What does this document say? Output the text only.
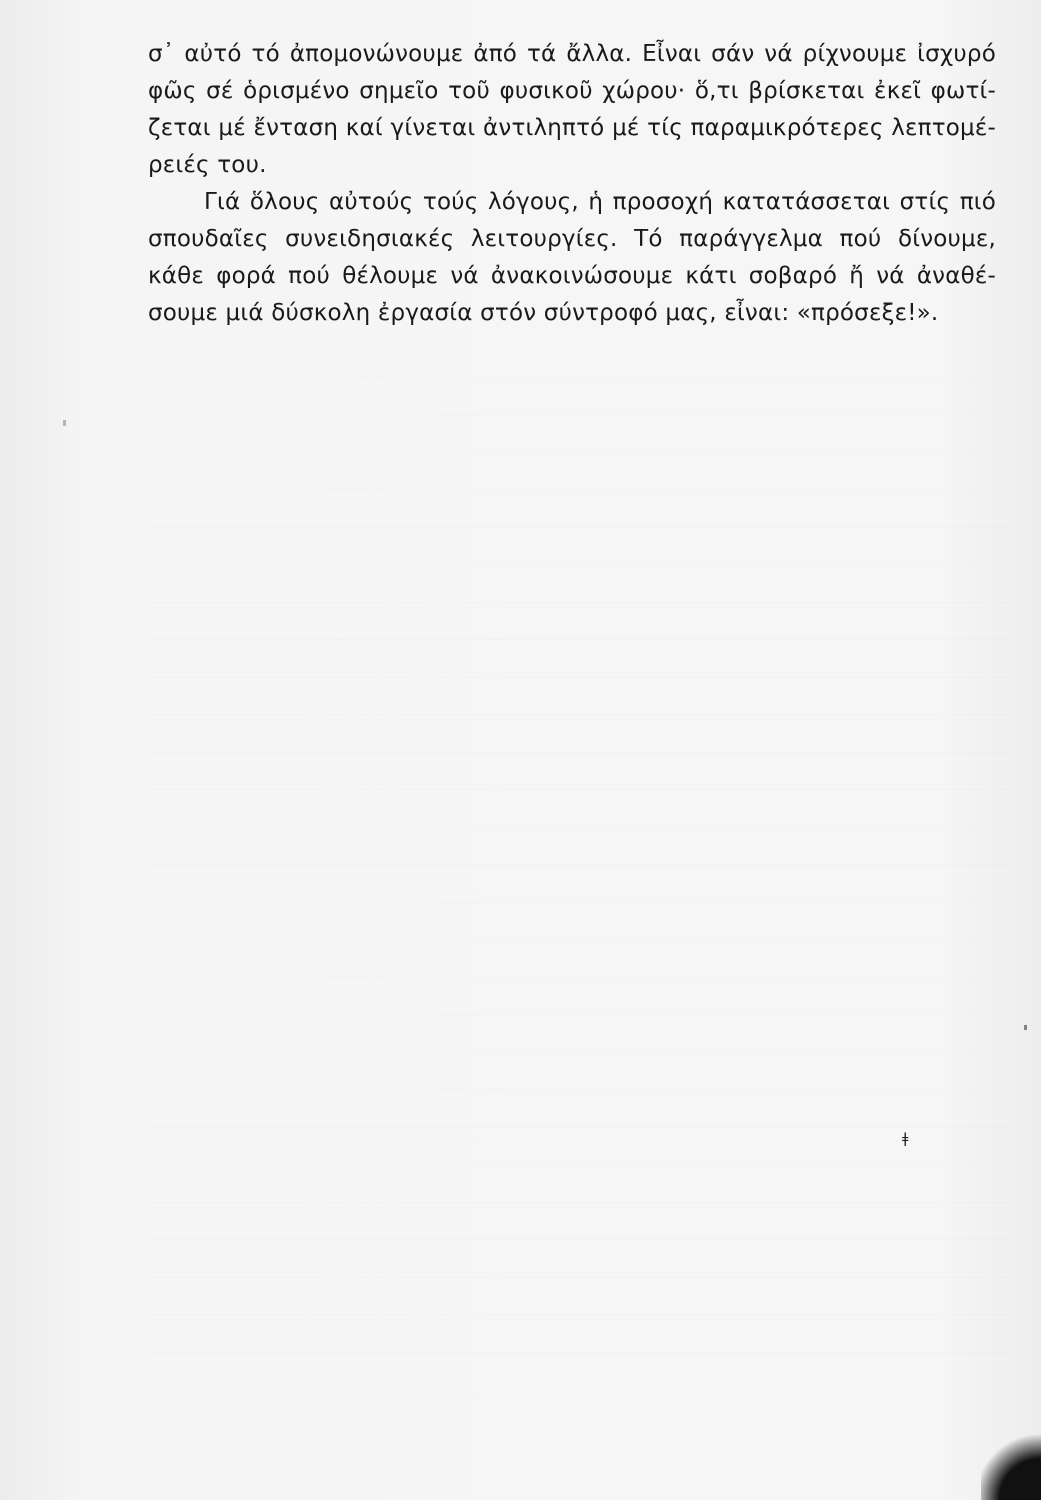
σ᾽ αὐτό τό ἀπομονώνουμε ἀπό τά ἄλλα. Εἶναι σάν νά ρίχνουμε ἰσχυρό
φῶς σέ ὁρισμένο σημεῖο τοῦ φυσικοῦ χώρου· ὅ,τι βρίσκεται ἐκεῖ φωτί-
ζεται μέ ἔνταση καί γίνεται ἀντιληπτό μέ τίς παραμικρότερες λεπτομέ-
ρειές του.

Γιά ὅλους αὐτούς τούς λόγους, ἡ προσοχή κατατάσσεται στίς πιό
σπουδαῖες συνειδησιακές λειτουργίες. Τό παράγγελμα πού δίνουμε,
κάθε φορά πού θέλουμε νά ἀνακοινώσουμε κάτι σοβαρό ἤ νά ἀναθέ-
σουμε μιά δύσκολη ἐργασία στόν σύντροφό μας, εἶναι: «πρόσεξε!».

ǂ
